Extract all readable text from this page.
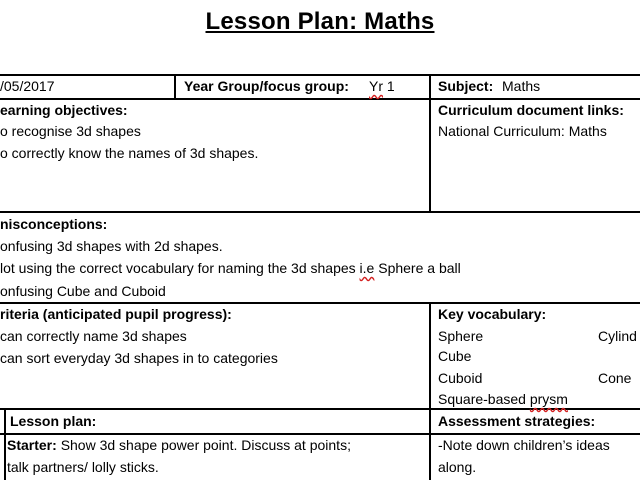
Lesson Plan: Maths
/05/2017	Year Group/focus group: Yr 1	Subject: Maths
earning objectives:
o recognise 3d shapes
o correctly know the names of 3d shapes.
Curriculum document links:
National Curriculum: Maths
nisconceptions:
onfusing 3d shapes with 2d shapes.
lot using the correct vocabulary for naming the 3d shapes i.e Sphere a ball
onfusing Cube and Cuboid
riteria (anticipated pupil progress):
can correctly name 3d shapes
can sort everyday 3d shapes in to categories
Key vocabulary:
Sphere	Cylind
Cube
Cuboid	Cone
Square-based prysm
Lesson plan:
Starter: Show 3d shape power point. Discuss at points;
talk partners/ lolly sticks.
Assessment strategies:
-Note down children’s ideas
along.
